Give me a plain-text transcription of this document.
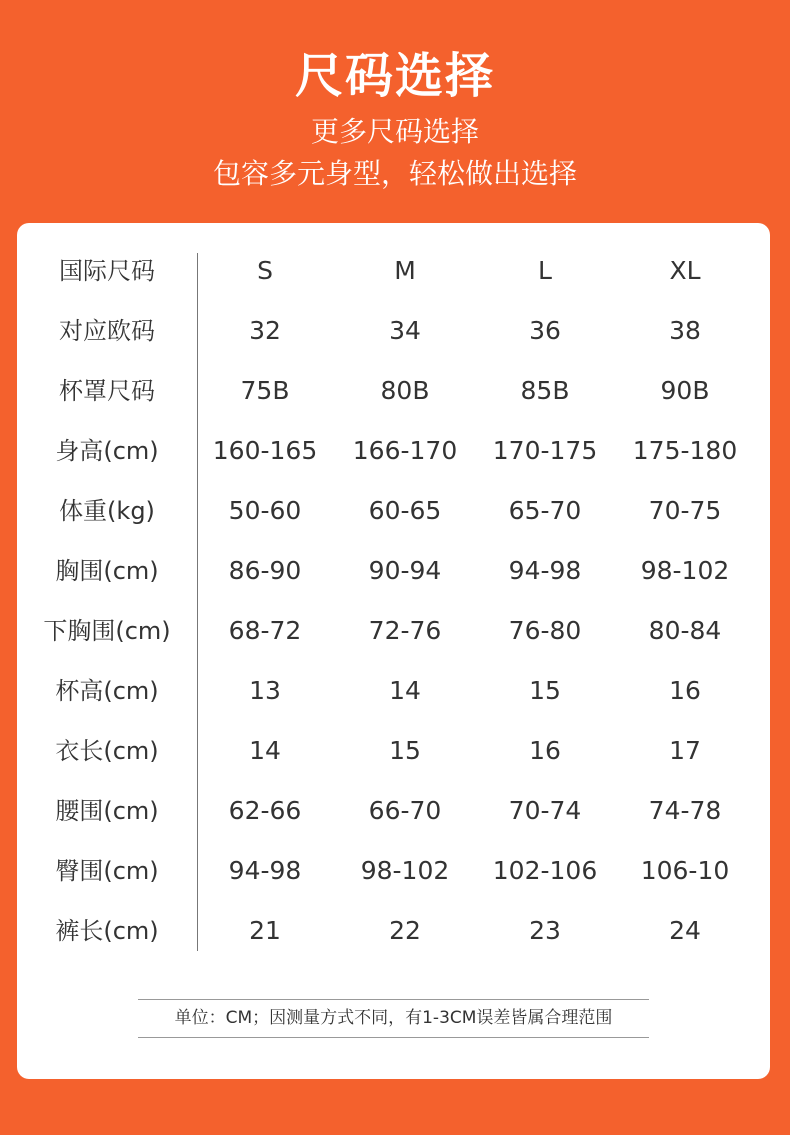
尺码选择
更多尺码选择
包容多元身型，轻松做出选择
国际尺码	S	M	L	XL
对应欧码	32	34	36	38
杯罩尺码	75B	80B	85B	90B
身高(cm)	160-165	166-170	170-175	175-180
体重(kg)	50-60	60-65	65-70	70-75
胸围(cm)	86-90	90-94	94-98	98-102
下胸围(cm)	68-72	72-76	76-80	80-84
杯高(cm)	13	14	15	16
衣长(cm)	14	15	16	17
腰围(cm)	62-66	66-70	70-74	74-78
臀围(cm)	94-98	98-102	102-106	106-10
裤长(cm)	21	22	23	24
单位：CM；因测量方式不同，有1-3CM误差皆属合理范围
